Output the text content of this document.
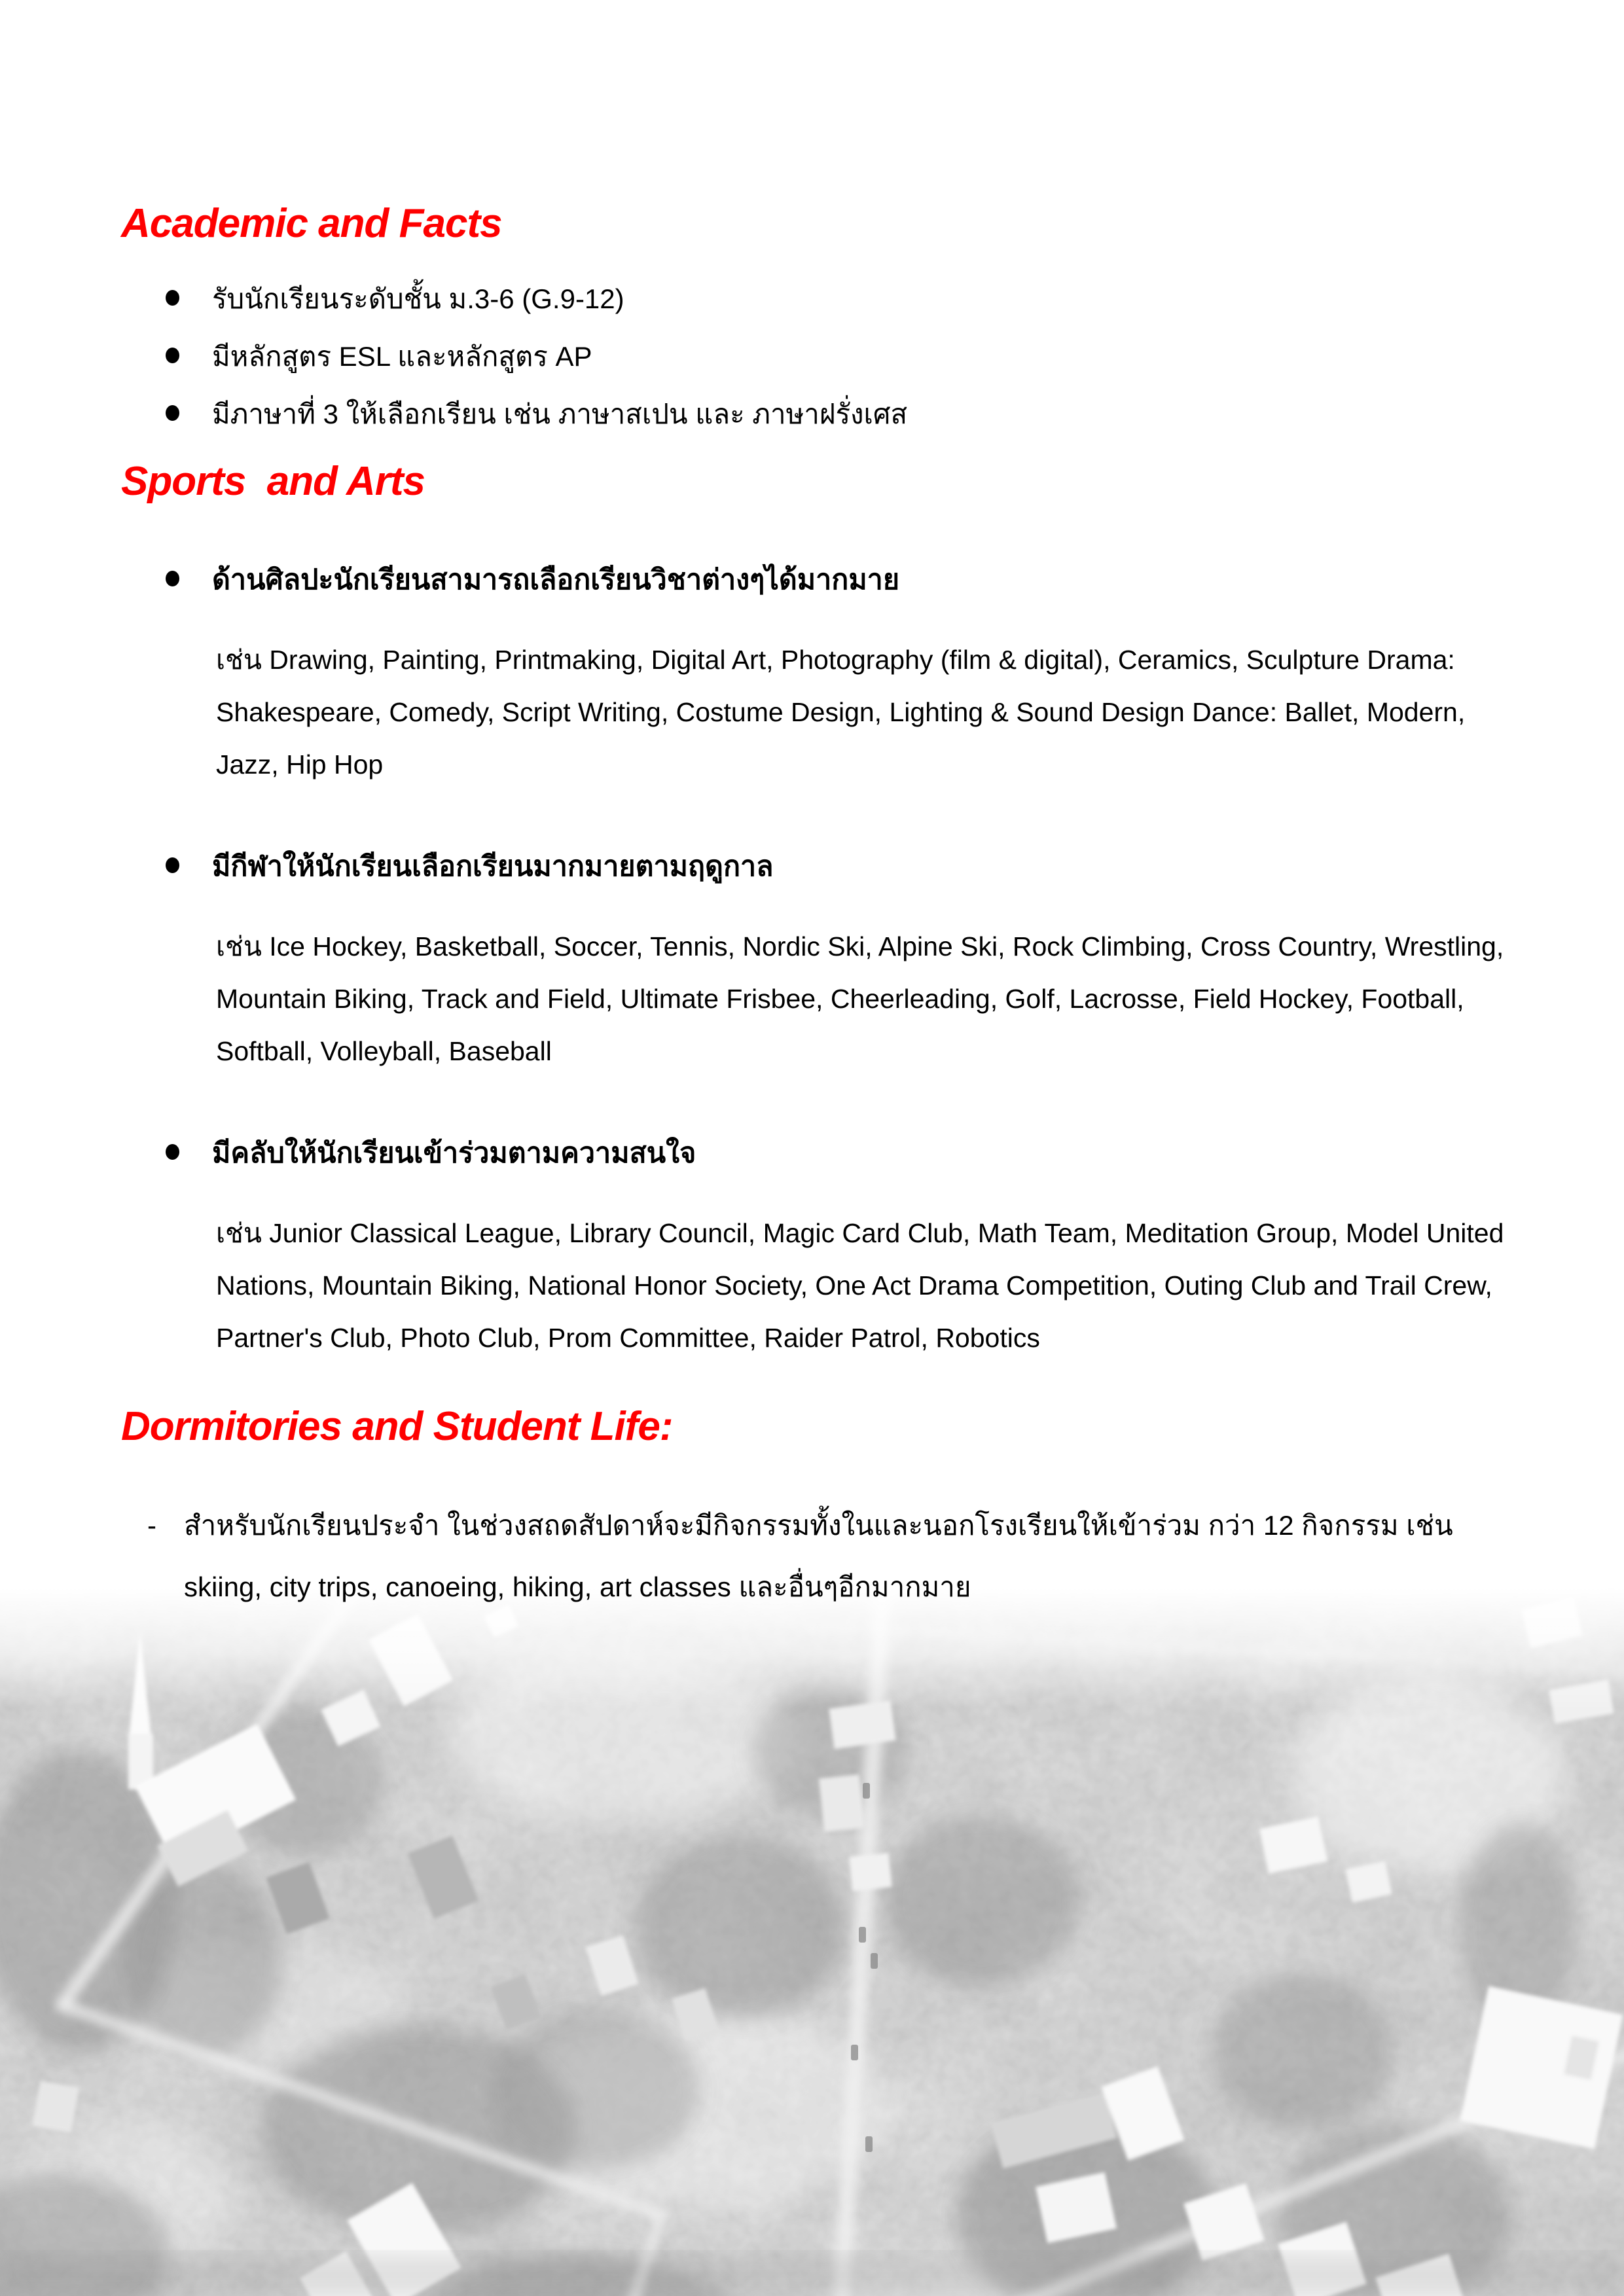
Academic and Facts
รับนักเรียนระดับชั้น ม.3-6 (G.9-12)
มีหลักสูตร ESL และหลักสูตร AP
มีภาษาที่ 3 ให้เลือกเรียน เช่น ภาษาสเปน และ ภาษาฝรั่งเศส
Sports  and Arts
ด้านศิลปะนักเรียนสามารถเลือกเรียนวิชาต่างๆได้มากมาย

เช่น Drawing, Painting, Printmaking, Digital Art, Photography (film & digital), Ceramics, Sculpture Drama: Shakespeare, Comedy, Script Writing, Costume Design, Lighting & Sound Design Dance: Ballet, Modern, Jazz, Hip Hop

มีกีฬาให้นักเรียนเลือกเรียนมากมายตามฤดูกาล

เช่น Ice Hockey, Basketball, Soccer, Tennis, Nordic Ski, Alpine Ski, Rock Climbing, Cross Country, Wrestling, Mountain Biking, Track and Field, Ultimate Frisbee, Cheerleading, Golf, Lacrosse, Field Hockey, Football, Softball, Volleyball, Baseball

มีคลับให้นักเรียนเข้าร่วมตามความสนใจ

เช่น Junior Classical League, Library Council, Magic Card Club, Math Team, Meditation Group, Model United Nations, Mountain Biking, National Honor Society, One Act Drama Competition, Outing Club and Trail Crew, Partner's Club, Photo Club, Prom Committee, Raider Patrol, Robotics

Dormitories and Student Life:
- สำหรับนักเรียนประจำ ในช่วงสถดสัปดาห์จะมีกิจกรรมทั้งในและนอกโรงเรียนให้เข้าร่วม กว่า 12 กิจกรรม เช่น skiing, city trips, canoeing, hiking, art classes และอื่นๆอีกมากมาย
